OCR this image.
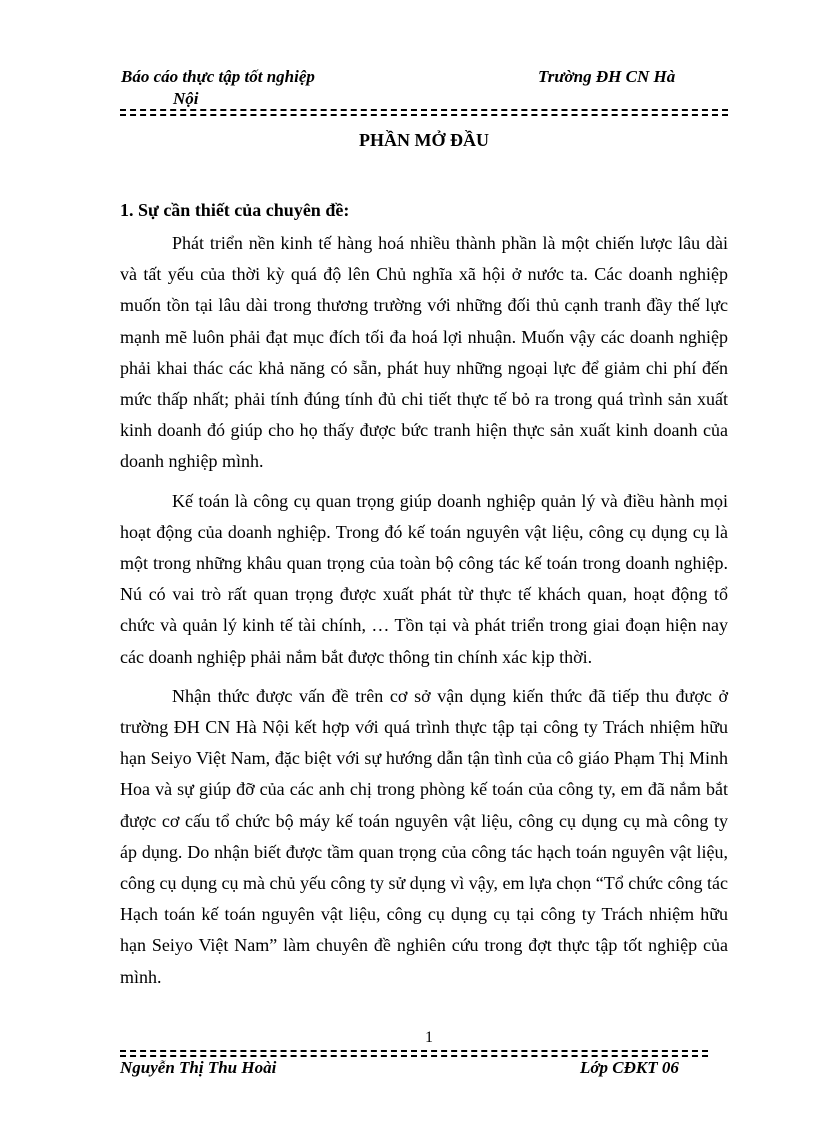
Báo cáo thực tập tốt nghiệp
Nội
Trường ĐH CN Hà
PHẦN MỞ ĐẦU
1. Sự cần thiết của chuyên đề:

Phát triển nền kinh tế hàng hoá nhiều thành phần là một chiến lược lâu dài và tất yếu của thời kỳ quá độ lên Chủ nghĩa xã hội ở nước ta. Các doanh nghiệp muốn tồn tại lâu dài trong thương trường với những đối thủ cạnh tranh đầy thế lực mạnh mẽ luôn phải đạt mục đích tối đa hoá lợi nhuận. Muốn vậy các doanh nghiệp phải khai thác các khả năng có sẵn, phát huy những ngoại lực để giảm chi phí đến mức thấp nhất; phải tính đúng tính đủ chi tiết thực tế bỏ ra trong quá trình sản xuất kinh doanh đó giúp cho họ thấy được bức tranh hiện thực sản xuất kinh doanh của doanh nghiệp mình.

Kế toán là công cụ quan trọng giúp doanh nghiệp quản lý và điều hành mọi hoạt động của doanh nghiệp. Trong đó kế toán nguyên vật liệu, công cụ dụng cụ là một trong những khâu quan trọng của toàn bộ công tác kế toán trong doanh nghiệp. Nú có vai trò rất quan trọng được xuất phát từ thực tế khách quan, hoạt động tổ chức và quản lý kinh tế tài chính, … Tồn tại và phát triển trong giai đoạn hiện nay các doanh nghiệp phải nắm bắt được thông tin chính xác kịp thời.

Nhận thức được vấn đề trên cơ sở vận dụng kiến thức đã tiếp thu được ở trường ĐH CN Hà Nội kết hợp với quá trình thực tập tại công ty Trách nhiệm hữu hạn Seiyo Việt Nam, đặc biệt với sự hướng dẫn tận tình của cô giáo Phạm Thị Minh Hoa và sự giúp đỡ của các anh chị trong phòng kế toán của công ty, em đã nắm bắt được cơ cấu tổ chức bộ máy kế toán nguyên vật liệu, công cụ dụng cụ mà công ty áp dụng. Do nhận biết được tầm quan trọng của công tác hạch toán nguyên vật liệu, công cụ dụng cụ mà chủ yếu công ty sử dụng vì vậy, em lựa chọn “Tổ chức công tác Hạch toán kế toán nguyên vật liệu, công cụ dụng cụ tại công ty Trách nhiệm hữu hạn Seiyo Việt Nam” làm chuyên đề nghiên cứu trong đợt thực tập tốt nghiệp của mình.

1
Nguyễn Thị Thu Hoài	Lớp CĐKT 06
